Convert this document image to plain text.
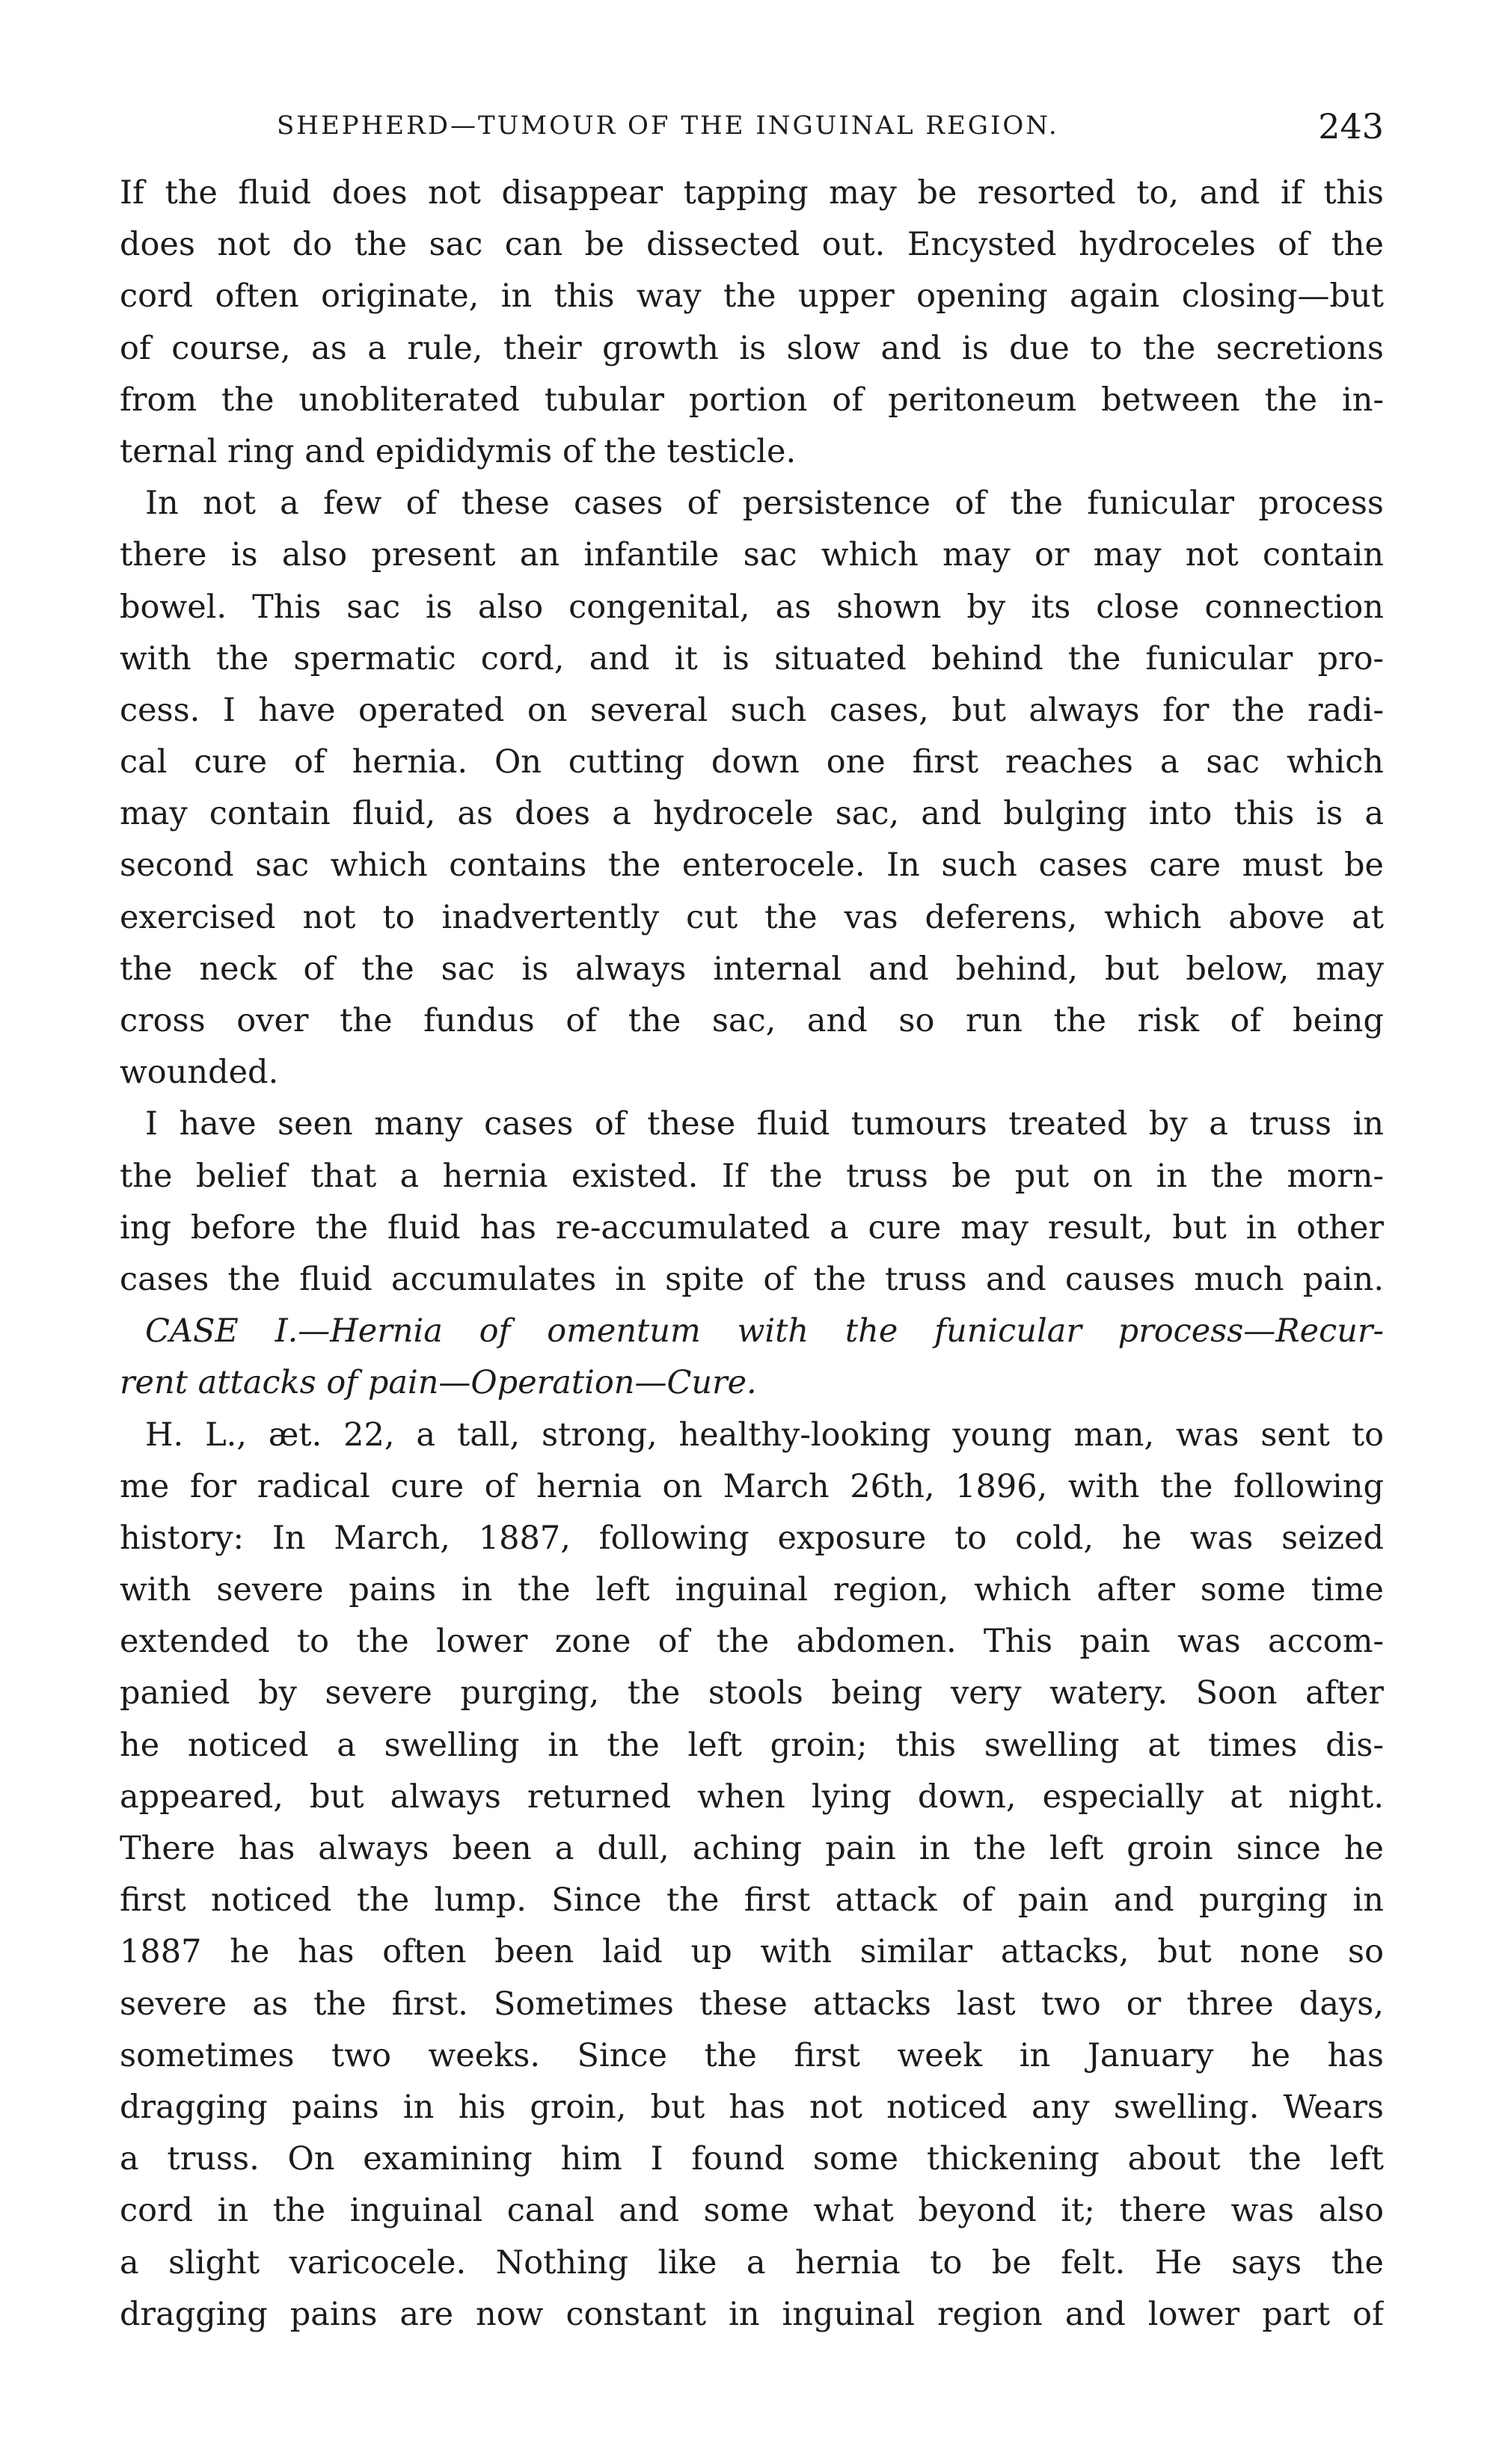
SHEPHERD—TUMOUR OF THE INGUINAL REGION.	243
If the fluid does not disappear tapping may be resorted to, and if this
does not do the sac can be dissected out. Encysted hydroceles of the
cord often originate, in this way the upper opening again closing—but
of course, as a rule, their growth is slow and is due to the secretions
from the unobliterated tubular portion of peritoneum between the in-
ternal ring and epididymis of the testicle.
In not a few of these cases of persistence of the funicular process
there is also present an infantile sac which may or may not contain
bowel. This sac is also congenital, as shown by its close connection
with the spermatic cord, and it is situated behind the funicular pro-
cess. I have operated on several such cases, but always for the radi-
cal cure of hernia. On cutting down one first reaches a sac which
may contain fluid, as does a hydrocele sac, and bulging into this is a
second sac which contains the enterocele. In such cases care must be
exercised not to inadvertently cut the vas deferens, which above at
the neck of the sac is always internal and behind, but below, may
cross over the fundus of the sac, and so run the risk of being
wounded.
I have seen many cases of these fluid tumours treated by a truss in
the belief that a hernia existed. If the truss be put on in the morn-
ing before the fluid has re-accumulated a cure may result, but in other
cases the fluid accumulates in spite of the truss and causes much pain.
CASE I.—Hernia of omentum with the funicular process—Recur-
rent attacks of pain—Operation—Cure.
H. L., æt. 22, a tall, strong, healthy-looking young man, was sent to
me for radical cure of hernia on March 26th, 1896, with the following
history: In March, 1887, following exposure to cold, he was seized
with severe pains in the left inguinal region, which after some time
extended to the lower zone of the abdomen. This pain was accom-
panied by severe purging, the stools being very watery. Soon after
he noticed a swelling in the left groin; this swelling at times dis-
appeared, but always returned when lying down, especially at night.
There has always been a dull, aching pain in the left groin since he
first noticed the lump. Since the first attack of pain and purging in
1887 he has often been laid up with similar attacks, but none so
severe as the first. Sometimes these attacks last two or three days,
sometimes two weeks. Since the first week in January he has
dragging pains in his groin, but has not noticed any swelling. Wears
a truss. On examining him I found some thickening about the left
cord in the inguinal canal and some what beyond it; there was also
a slight varicocele. Nothing like a hernia to be felt. He says the
dragging pains are now constant in inguinal region and lower part of
